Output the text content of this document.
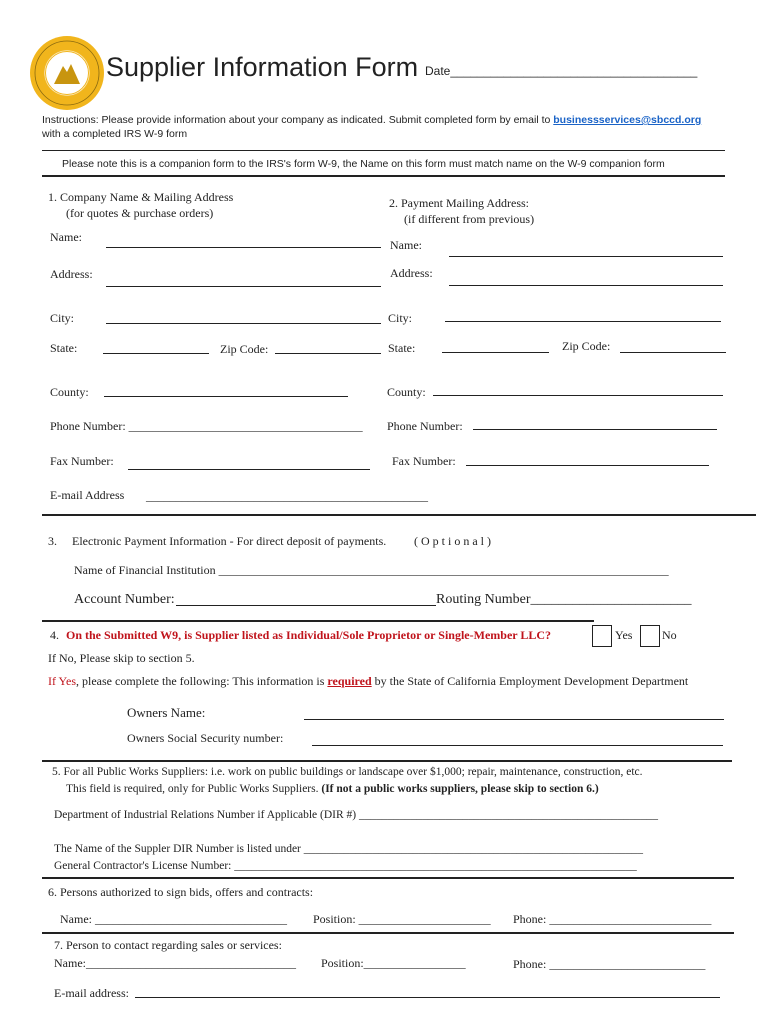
Supplier Information Form Date_____________________________________
Instructions: Please provide information about your company as indicated. Submit completed form by email to businessservices@sbccd.org
with a completed IRS W-9 form
Please note this is a companion form to the IRS's form W-9, the Name on this form must match name on the W-9 companion form
1. Company Name & Mailing Address
(for quotes & purchase orders)
Name:
Address:
City:
State:	Zip Code:
County:
Phone Number: _______________________________________
Fax Number:
E-mail Address _______________________________________________
2. Payment Mailing Address:
(if different from previous)
Name:
Address:
City:
State:	Zip Code:
County:
Phone Number:
Fax Number:
3. Electronic Payment Information - For direct deposit of payments. ( O p t i o n a l )
Name of Financial Institution ___________________________________________________________________________
Account Number:	Routing Number_______________________
4. On the Submitted W9, is Supplier listed as Individual/Sole Proprietor or Single-Member LLC?	Yes No
If No, Please skip to section 5.
If Yes, please complete the following: This information is required by the State of California Employment Development Department
Owners Name:
Owners Social Security number:
5. For all Public Works Suppliers: i.e. work on public buildings or landscape over $1,000; repair, maintenance, construction, etc.
This field is required, only for Public Works Suppliers. (If not a public works suppliers, please skip to section 6.)
Department of Industrial Relations Number if Applicable (DIR #) ____________________________________________________
The Name of the Suppler DIR Number is listed under ___________________________________________________________
General Contractor's License Number: ______________________________________________________________________
6. Persons authorized to sign bids, offers and contracts:
Name: ________________________________ Position: ______________________ Phone: ___________________________
7. Person to contact regarding sales or services:
Name:___________________________________ Position:_________________	Phone: __________________________
E-mail address:
